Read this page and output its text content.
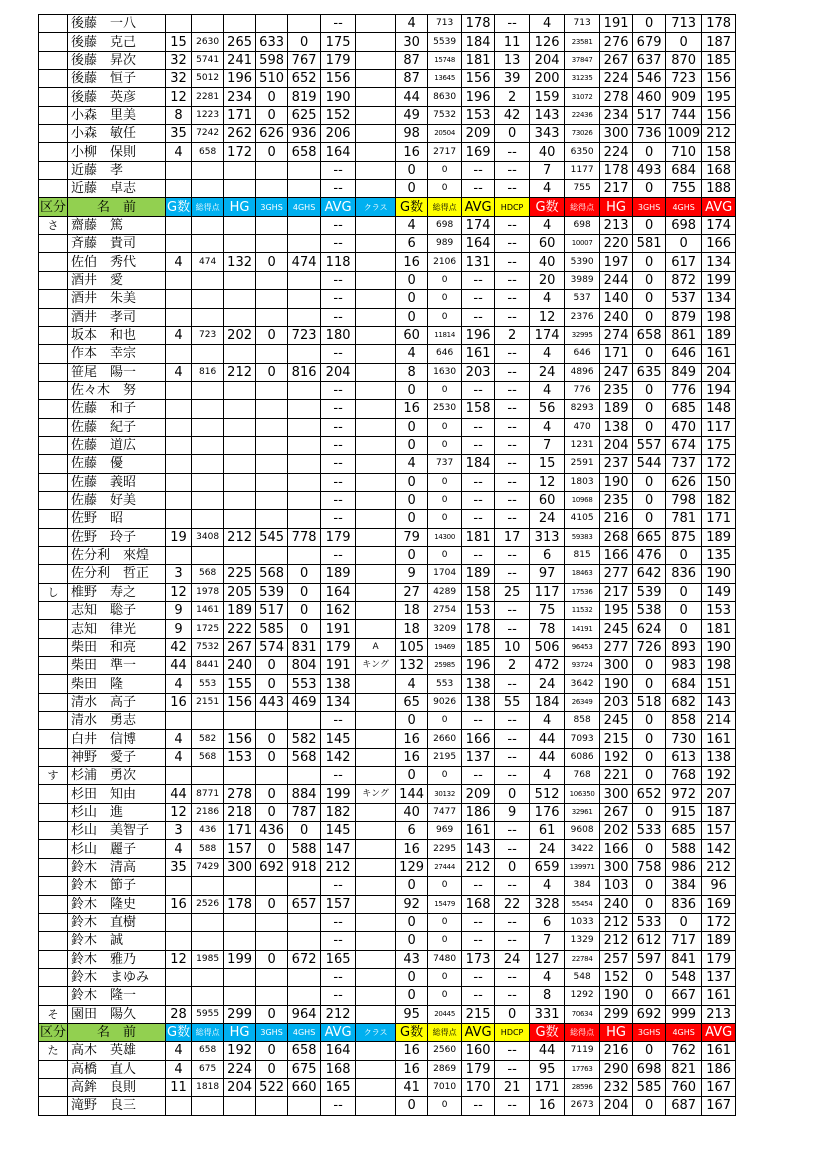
	後藤　一八						--		4	713	178	--	4	713	191	0	713	178
	後藤　克己	15	2630	265	633	0	175		30	5539	184	11	126	23581	276	679	0	187
	後藤　昇次	32	5741	241	598	767	179		87	15748	181	13	204	37847	267	637	870	185
	後藤　恒子	32	5012	196	510	652	156		87	13645	156	39	200	31235	224	546	723	156
	後藤　英彦	12	2281	234	0	819	190		44	8630	196	2	159	31072	278	460	909	195
	小森　里美	8	1223	171	0	625	152		49	7532	153	42	143	22436	234	517	744	156
	小森　敏任	35	7242	262	626	936	206		98	20504	209	0	343	73026	300	736	1009	212
	小柳　保則	4	658	172	0	658	164		16	2717	169	--	40	6350	224	0	710	158
	近藤　孝						--		0	0	--	--	7	1177	178	493	684	168
	近藤　卓志						--		0	0	--	--	4	755	217	0	755	188
区分	名　前	G数	総得点	HG	3GHS	4GHS	AVG	クラス	G数	総得点	AVG	HDCP	G数	総得点	HG	3GHS	4GHS	AVG
さ	齋藤　篤						--		4	698	174	--	4	698	213	0	698	174
	斉藤　貴司						--		6	989	164	--	60	10007	220	581	0	166
	佐伯　秀代	4	474	132	0	474	118		16	2106	131	--	40	5390	197	0	617	134
	酒井　愛						--		0	0	--	--	20	3989	244	0	872	199
	酒井　朱美						--		0	0	--	--	4	537	140	0	537	134
	酒井　孝司						--		0	0	--	--	12	2376	240	0	879	198
	坂本　和也	4	723	202	0	723	180		60	11814	196	2	174	32995	274	658	861	189
	作本　幸宗						--		4	646	161	--	4	646	171	0	646	161
	笹尾　陽一	4	816	212	0	816	204		8	1630	203	--	24	4896	247	635	849	204
	佐々木　努						--		0	0	--	--	4	776	235	0	776	194
	佐藤　和子						--		16	2530	158	--	56	8293	189	0	685	148
	佐藤　紀子						--		0	0	--	--	4	470	138	0	470	117
	佐藤　道広						--		0	0	--	--	7	1231	204	557	674	175
	佐藤　優						--		4	737	184	--	15	2591	237	544	737	172
	佐藤　義昭						--		0	0	--	--	12	1803	190	0	626	150
	佐藤　好美						--		0	0	--	--	60	10968	235	0	798	182
	佐野　昭						--		0	0	--	--	24	4105	216	0	781	171
	佐野　玲子	19	3408	212	545	778	179		79	14300	181	17	313	59383	268	665	875	189
	佐分利　來煌						--		0	0	--	--	6	815	166	476	0	135
	佐分利　哲正	3	568	225	568	0	189		9	1704	189	--	97	18463	277	642	836	190
し	椎野　寿之	12	1978	205	539	0	164		27	4289	158	25	117	17536	217	539	0	149
	志知　聡子	9	1461	189	517	0	162		18	2754	153	--	75	11532	195	538	0	153
	志知　律光	9	1725	222	585	0	191		18	3209	178	--	78	14191	245	624	0	181
	柴田　和亮	42	7532	267	574	831	179	A	105	19469	185	10	506	96453	277	726	893	190
	柴田　準一	44	8441	240	0	804	191	キング	132	25985	196	2	472	93724	300	0	983	198
	柴田　隆	4	553	155	0	553	138		4	553	138	--	24	3642	190	0	684	151
	清水　高子	16	2151	156	443	469	134		65	9026	138	55	184	26349	203	518	682	143
	清水　勇志						--		0	0	--	--	4	858	245	0	858	214
	白井　信博	4	582	156	0	582	145		16	2660	166	--	44	7093	215	0	730	161
	神野　愛子	4	568	153	0	568	142		16	2195	137	--	44	6086	192	0	613	138
す	杉浦　勇次						--		0	0	--	--	4	768	221	0	768	192
	杉田　知由	44	8771	278	0	884	199	キング	144	30132	209	0	512	106350	300	652	972	207
	杉山　進	12	2186	218	0	787	182		40	7477	186	9	176	32961	267	0	915	187
	杉山　美智子	3	436	171	436	0	145		6	969	161	--	61	9608	202	533	685	157
	杉山　麗子	4	588	157	0	588	147		16	2295	143	--	24	3422	166	0	588	142
	鈴木　清高	35	7429	300	692	918	212		129	27444	212	0	659	139971	300	758	986	212
	鈴木　節子						--		0	0	--	--	4	384	103	0	384	96
	鈴木　隆史	16	2526	178	0	657	157		92	15479	168	22	328	55454	240	0	836	169
	鈴木　直樹						--		0	0	--	--	6	1033	212	533	0	172
	鈴木　誠						--		0	0	--	--	7	1329	212	612	717	189
	鈴木　雅乃	12	1985	199	0	672	165		43	7480	173	24	127	22784	257	597	841	179
	鈴木　まゆみ						--		0	0	--	--	4	548	152	0	548	137
	鈴木　隆一						--		0	0	--	--	8	1292	190	0	667	161
そ	園田　陽久	28	5955	299	0	964	212		95	20445	215	0	331	70634	299	692	999	213
区分	名　前	G数	総得点	HG	3GHS	4GHS	AVG	クラス	G数	総得点	AVG	HDCP	G数	総得点	HG	3GHS	4GHS	AVG
た	高木　英雄	4	658	192	0	658	164		16	2560	160	--	44	7119	216	0	762	161
	高橋　直人	4	675	224	0	675	168		16	2869	179	--	95	17763	290	698	821	186
	高鉾　良則	11	1818	204	522	660	165		41	7010	170	21	171	28596	232	585	760	167
	滝野　良三						--		0	0	--	--	16	2673	204	0	687	167
